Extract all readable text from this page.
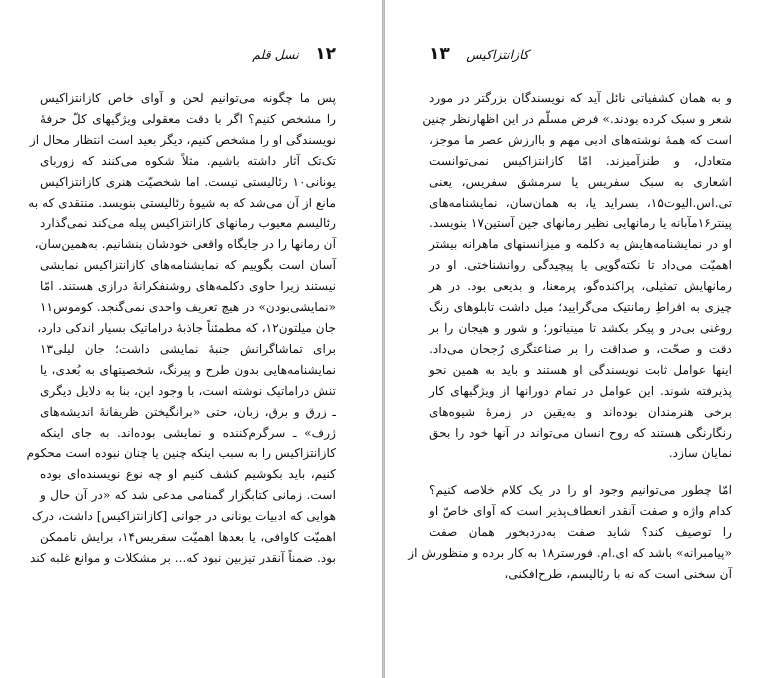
۱۲    نسل قلم
پس ما چگونه می‌توانیم لحن و آوای خاص کازانتزاکیس
را مشخص کنیم؟ اگر با دقت معقولی ویژگیهای کلّ حرفهٔ
نویسندگی او را مشخص کنیم، دیگر بعید است انتظار محال از
تک‌تک آثار داشته باشیم. مثلاً شکوه می‌کنند که زوربای
یونانی۱۰ رئالیستی نیست. اما شخصیّت هنری کازانتزاکیس
مانع از آن می‌شد که به شیوهٔ رئالیستی بنویسد. منتقدی که به
رئالیسم معیوب رمانهای کازانتزاکیس پیله می‌کند نمی‌گذارد
آن رمانها را در جایگاه واقعی خودشان بنشانیم. به‌همین‌سان،
آسان است بگوییم که نمایشنامه‌های کازانتزاکیس نمایشی
نیستند زیرا حاوی دکلمه‌های روشنفکرانهٔ درازی هستند. امّا
«نمایشی‌بودن» در هیچ تعریف واحدی نمی‌گنجد. کوموس۱۱
جان میلتون۱۲، که مطمئناً جاذبهٔ دراماتیک بسیار اندکی دارد،
برای تماشاگرانش جنبهٔ نمایشی داشت؛ جان لیلی۱۳
نمایشنامه‌هایی بدون طرح و پیرنگ، شخصیتهای به بُعدی، یا
تنش دراماتیک نوشته است، با وجود این، بنا به دلایل دیگری
ـ زرق و برق، زبان، حتی «برانگیختن ظریفانهٔ اندیشه‌های
ژرف» ـ سرگرم‌کننده و نمایشی بوده‌اند. به جای اینکه
کازانتزاکیس را به سبب اینکه چنین یا چنان نبوده است محکوم
کنیم، باید بکوشیم کشف کنیم او چه نوع نویسنده‌ای بوده
است. زمانی کتابگزار گمنامی مدعی شد که «در آن حال و
هوایی که ادبیات یونانی در جوانی [کازانتزاکیس] داشت، درک
اهمیّت کاوافی، یا بعدها اهمیّت سفریس۱۴، برایش ناممکن
بود. ضمناً آنقدر تیزبین نبود که... بر مشکلات و موانع غلبه کند
کازانتزاکیس    ۱۳
و به همان کشفیاتی نائل آید که نویسندگان بزرگتر در مورد
شعر و سبک کرده بودند.» فرض مسلّم در این اظهارنظر چنین
است که همهٔ نوشته‌های ادبی مهم و باارزش عصر ما موجز،
متعادل، و طنزآمیزند. امّا کازانتزاکیس نمی‌توانست
اشعاری به سبک سفریس یا سرمشق سفریس، یعنی
تی.اس.الیوت۱۵، بسراید یا، به همان‌سان، نمایشنامه‌های
پینتر۱۶مآبانه یا رمانهایی نظیر رمانهای جین آستین۱۷ بنویسد.
او در نمایشنامه‌هایش به دکلمه و میزانسنهای ماهرانه بیشتر
اهمیّت می‌داد تا نکته‌گویی یا پیچیدگی روانشناختی. او در
رمانهایش تمثیلی، پراکنده‌گو، پرمعنا، و بدیعی بود. در هر
چیزی به افراطِ رمانتیک می‌گرایید؛ میل داشت تابلوهای رنگ
روغنی بی‌در و پیکر بکشد تا مینیاتور؛ و شور و هیجان را بر
دقت و صحّت، و صداقت را بر صناعتگری رُجحان می‌داد.
اینها عوامل ثابت نویسندگی او هستند و باید به همین نحو
پذیرفته شوند. این عوامل در تمام دورانها از ویژگیهای کار
برخی هنرمندان بوده‌اند و به‌یقین در زمرهٔ شیوه‌های
رنگارنگی هستند که روح انسان می‌تواند در آنها خود را بحق
نمایان سازد.
امّا چطور می‌توانیم وجود او را در یک کلام خلاصه کنیم؟
کدام واژه و صفت آنقدر انعطاف‌پذیر است که آوای خاصّ او
را توصیف کند؟ شاید صفت به‌دردبخور همان صفت
«پیامبرانه» باشد که ای.ام. فورستر۱۸ به کار برده و منظورش از
آن سخنی است که نه با رئالیسم، طرح‌افکنی،
